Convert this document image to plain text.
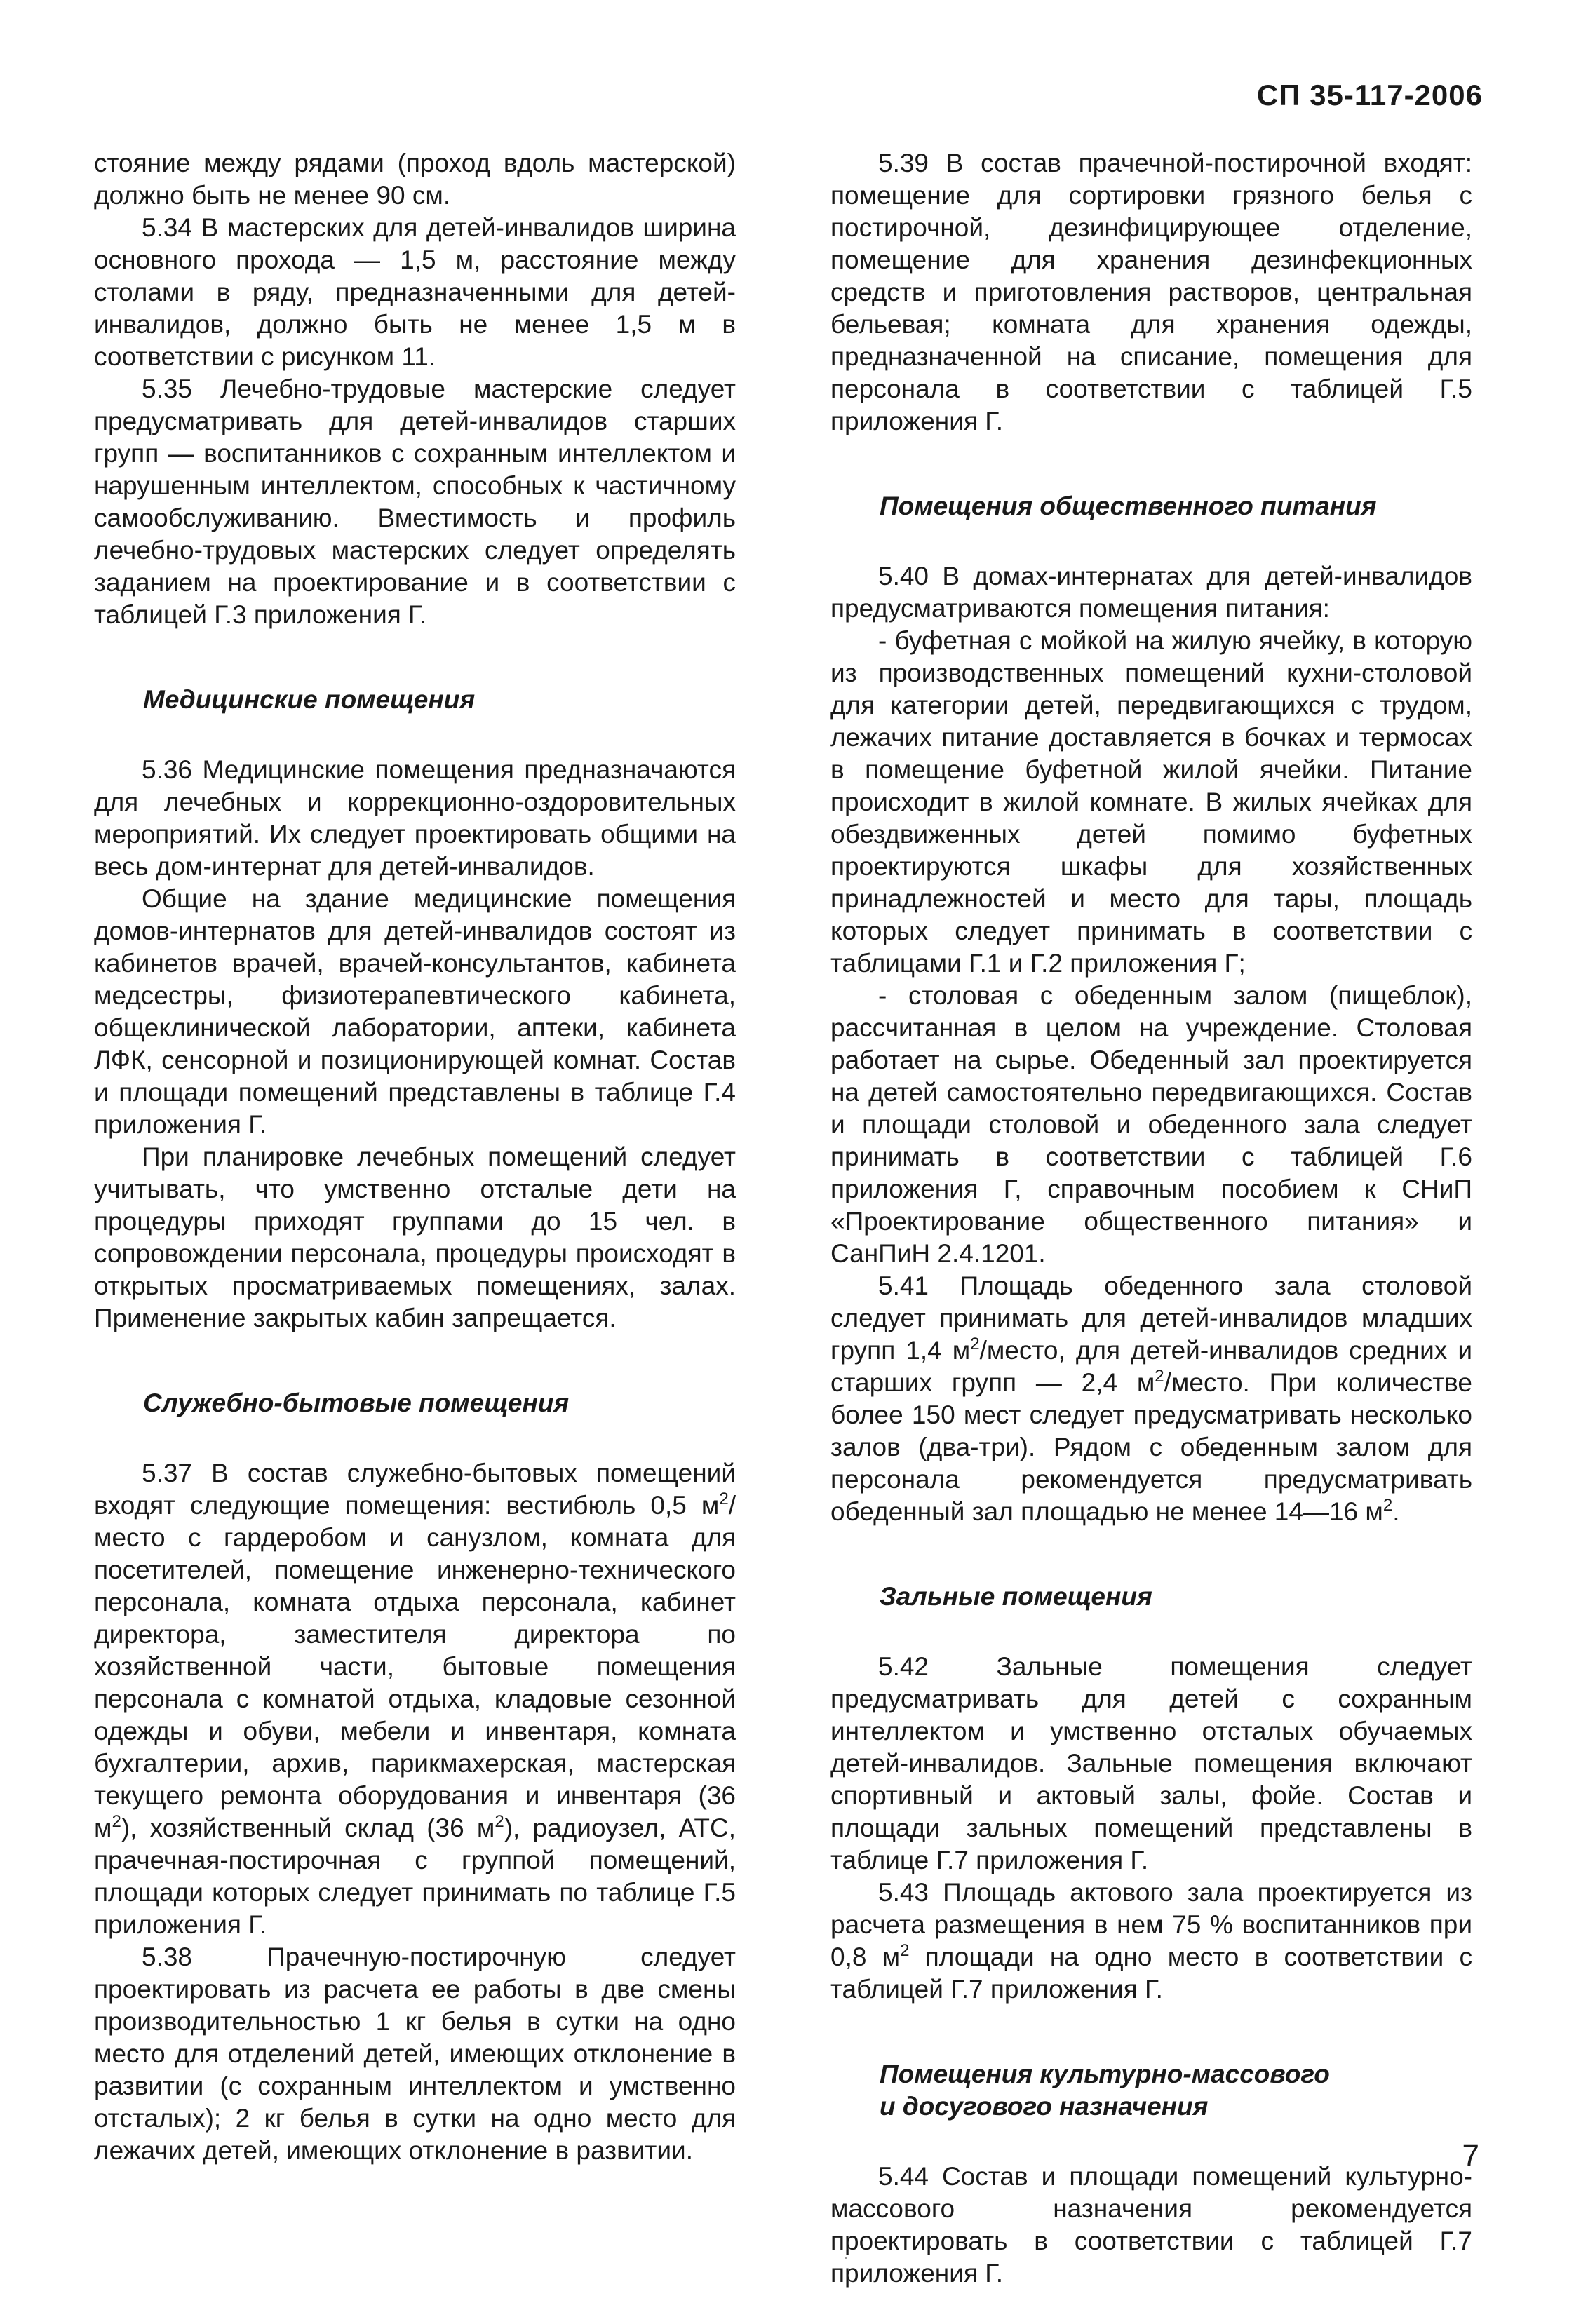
СП 35-117-2006

стояние между рядами (проход вдоль мастерской) должно быть не менее 90 см.

5.34 В мастерских для детей-инвалидов ширина основного прохода — 1,5 м, расстояние между столами в ряду, предназначенными для детей-инвалидов, должно быть не менее 1,5 м в соответствии с рисунком 11.

5.35 Лечебно-трудовые мастерские следует предусматривать для детей-инвалидов старших групп — воспитанников с сохранным интеллектом и нарушенным интеллектом, способных к частичному самообслуживанию. Вместимость и профиль лечебно-трудовых мастерских следует определять заданием на проектирование и в соответствии с таблицей Г.3 приложения Г.

Медицинские помещения

5.36 Медицинские помещения предназначаются для лечебных и коррекционно-оздоровительных мероприятий. Их следует проектировать общими на весь дом-интернат для детей-инвалидов.

Общие на здание медицинские помещения домов-интернатов для детей-инвалидов состоят из кабинетов врачей, врачей-консультантов, кабинета медсестры, физиотерапевтического кабинета, общеклинической лаборатории, аптеки, кабинета ЛФК, сенсорной и позиционирующей комнат. Состав и площади помещений представлены в таблице Г.4 приложения Г.

При планировке лечебных помещений следует учитывать, что умственно отсталые дети на процедуры приходят группами до 15 чел. в сопровождении персонала, процедуры происходят в открытых просматриваемых помещениях, залах. Применение закрытых кабин запрещается.

Служебно-бытовые помещения

5.37 В состав служебно-бытовых помещений входят следующие помещения: вестибюль 0,5 $м^2$/место с гардеробом и санузлом, комната для посетителей, помещение инженерно-технического персонала, комната отдыха персонала, кабинет директора, заместителя директора по хозяйственной части, бытовые помещения персонала с комнатой отдыха, кладовые сезонной одежды и обуви, мебели и инвентаря, комната бухгалтерии, архив, парикмахерская, мастерская текущего ремонта оборудования и инвентаря (36 $м^2$), хозяйственный склад (36 $м^2$), радиоузел, АТС, прачечная-постирочная с группой помещений, площади которых следует принимать по таблице Г.5 приложения Г.

5.38 Прачечную-постирочную следует проектировать из расчета ее работы в две смены производительностью 1 кг белья в сутки на одно место для отделений детей, имеющих отклонение в развитии (с сохранным интеллектом и умственно отсталых); 2 кг белья в сутки на одно место для лежачих детей, имеющих отклонение в развитии.

5.39 В состав прачечной-постирочной входят: помещение для сортировки грязного белья с постирочной, дезинфицирующее отделение, помещение для хранения дезинфекционных средств и приготовления растворов, центральная бельевая; комната для хранения одежды, предназначенной на списание, помещения для персонала в соответствии с таблицей Г.5 приложения Г.

Помещения общественного питания

5.40 В домах-интернатах для детей-инвалидов предусматриваются помещения питания:

- буфетная с мойкой на жилую ячейку, в которую из производственных помещений кухни-столовой для категории детей, передвигающихся с трудом, лежачих питание доставляется в бочках и термосах в помещение буфетной жилой ячейки. Питание происходит в жилой комнате. В жилых ячейках для обездвиженных детей помимо буфетных проектируются шкафы для хозяйственных принадлежностей и место для тары, площадь которых следует принимать в соответствии с таблицами Г.1 и Г.2 приложения Г;

- столовая с обеденным залом (пищеблок), рассчитанная в целом на учреждение. Столовая работает на сырье. Обеденный зал проектируется на детей самостоятельно передвигающихся. Состав и площади столовой и обеденного зала следует принимать в соответствии с таблицей Г.6 приложения Г, справочным пособием к СНиП «Проектирование общественного питания» и СанПиН 2.4.1201.

5.41 Площадь обеденного зала столовой следует принимать для детей-инвалидов младших групп 1,4 $м^2$/место, для детей-инвалидов средних и старших групп — 2,4 $м^2$/место. При количестве более 150 мест следует предусматривать несколько залов (два-три). Рядом с обеденным залом для персонала рекомендуется предусматривать обеденный зал площадью не менее 14—16 $м^2$.

Зальные помещения

5.42 Зальные помещения следует предусматривать для детей с сохранным интеллектом и умственно отсталых обучаемых детей-инвалидов. Зальные помещения включают спортивный и актовый залы, фойе. Состав и площади зальных помещений представлены в таблице Г.7 приложения Г.

5.43 Площадь актового зала проектируется из расчета размещения в нем 75 % воспитанников при 0,8 $м^2$ площади на одно место в соответствии с таблицей Г.7 приложения Г.

Помещения культурно-массового
и досугового назначения

5.44 Состав и площади помещений культурно-массового назначения рекомендуется проектировать в соответствии с таблицей Г.7 приложения Г.

7
